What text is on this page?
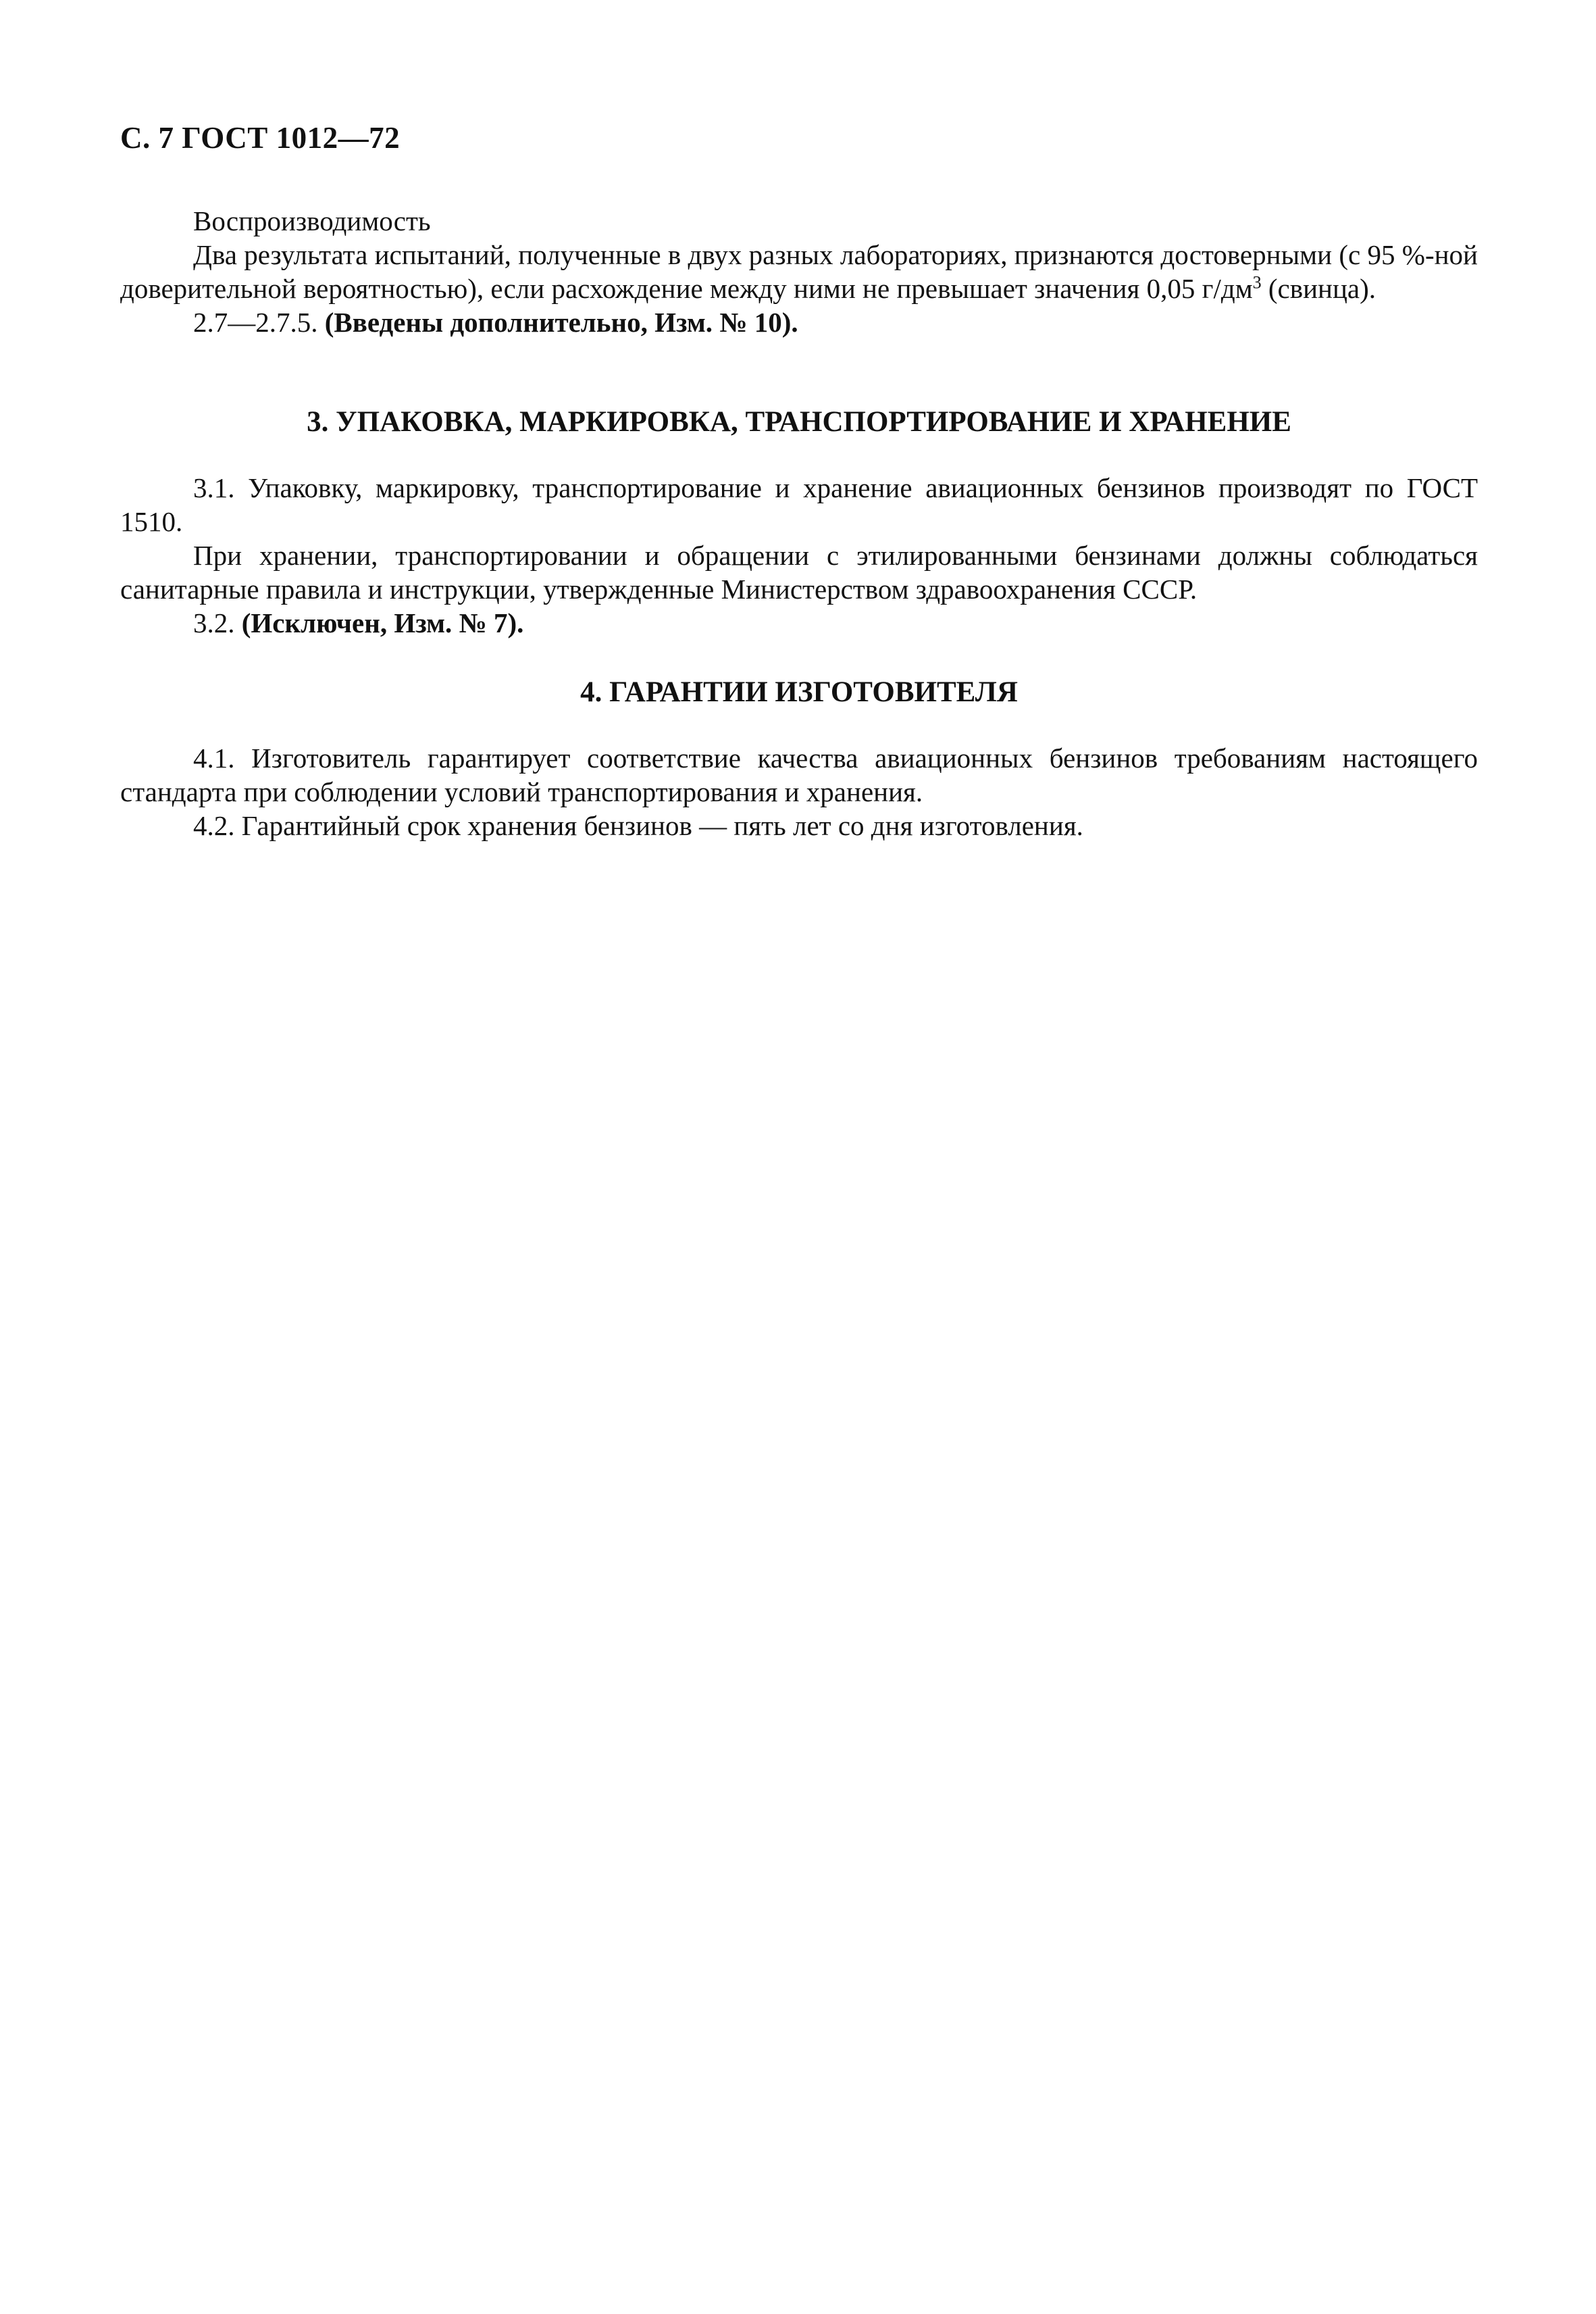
С. 7 ГОСТ 1012—72

Воспроизводимость

Два результата испытаний, полученные в двух разных лабораториях, признаются достоверными (с 95 %-ной доверительной вероятностью), если расхождение между ними не превышает значения 0,05 $г/дм^3$ (свинца).

2.7—2.7.5. (Введены дополнительно, Изм. № 10).

3. УПАКОВКА, МАРКИРОВКА, ТРАНСПОРТИРОВАНИЕ И ХРАНЕНИЕ

3.1. Упаковку, маркировку, транспортирование и хранение авиационных бензинов производят по ГОСТ 1510.

При хранении, транспортировании и обращении с этилированными бензинами должны соблюдаться санитарные правила и инструкции, утвержденные Министерством здравоохранения СССР.

3.2. (Исключен, Изм. № 7).

4. ГАРАНТИИ ИЗГОТОВИТЕЛЯ

4.1. Изготовитель гарантирует соответствие качества авиационных бензинов требованиям настоящего стандарта при соблюдении условий транспортирования и хранения.

4.2. Гарантийный срок хранения бензинов — пять лет со дня изготовления.
